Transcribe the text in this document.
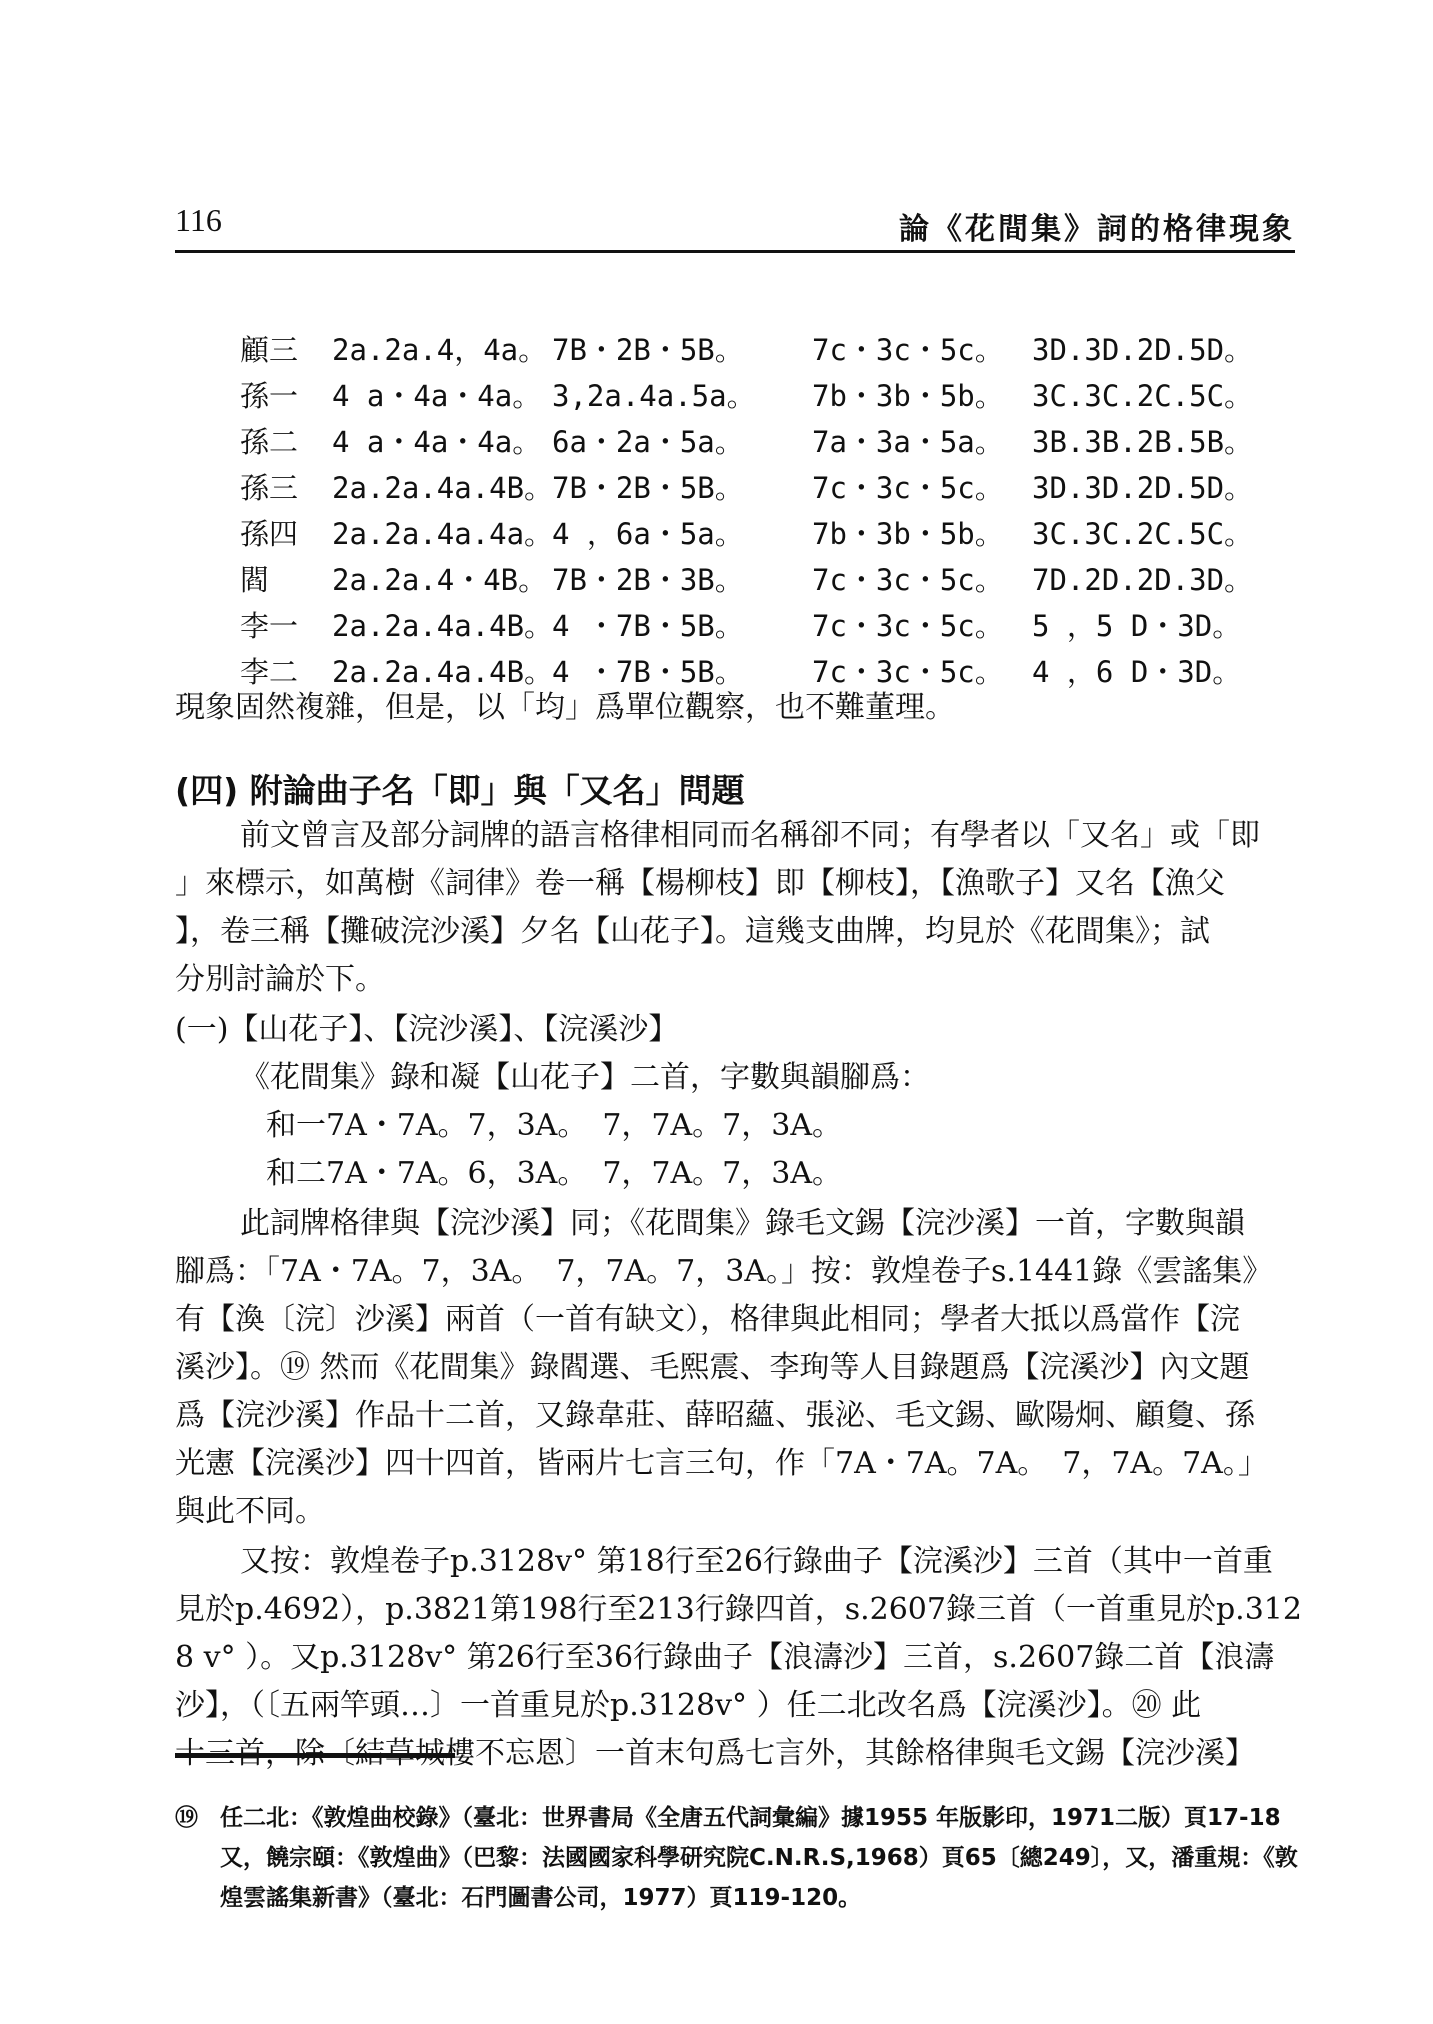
116	論《花間集》詞的格律現象
顧三 2a.2a.4，4a。 7B・2B・5B。 7c・3c・5c。 3D.3D.2D.5D。
孫一 4 a・4a・4a。 3,2a.4a.5a。 7b・3b・5b。 3C.3C.2C.5C。
孫二 4 a・4a・4a。 6a・2a・5a。 7a・3a・5a。 3B.3B.2B.5B。
孫三 2a.2a.4a.4B。
7B・2B・5B。 7c・3c・5c。 3D.3D.2D.5D。
孫四 2a.2a.4a.4a。
4 ，6a・5a。 7b・3b・5b。 3C.3C.2C.5C。
閻 2a.2a.4・4B。 7B・2B・3B。 7c・3c・5c。 7D.2D.2D.3D。
李一 2a.2a.4a.4B。
4 ・7B・5B。 7c・3c・5c。 5 ，5 D・3D。
李二 2a.2a.4a.4B。
4 ・7B・5B。 7c・3c・5c。 4 ，6 D・3D。
現象固然複雜，但是，以「均」爲單位觀察，也不難董理。
(四) 附論曲子名「即」與「又名」問題
前文曾言及部分詞牌的語言格律相同而名稱卻不同；有學者以「又名」或「即
」來標示，如萬樹《詞律》卷一稱【楊柳枝】即【柳枝】，【漁歌子】又名【漁父
】，卷三稱【攤破浣沙溪】夕名【山花子】。這幾支曲牌，均見於《花間集》；試
分別討論於下。
(一)【山花子】、【浣沙溪】、【浣溪沙】
《花間集》錄和凝【山花子】二首，字數與韻腳爲：
和一7A・7A。7，3A。　7，7A。7，3A。
和二7A・7A。6，3A。　7，7A。7，3A。
此詞牌格律與【浣沙溪】同；《花間集》錄毛文錫【浣沙溪】一首，字數與韻
腳爲：「7A・7A。7，3A。　7，7A。7，3A。」按：敦煌卷子s.1441錄《雲謠集》
有【渙〔浣〕沙溪】兩首（一首有缺文），格律與此相同；學者大抵以爲當作【浣
溪沙】。⑲ 然而《花間集》錄閻選、毛熙震、李珣等人目錄題爲【浣溪沙】內文題
爲【浣沙溪】作品十二首，又錄韋莊、薛昭蘊、張泌、毛文錫、歐陽炯、顧敻、孫
光憲【浣溪沙】四十四首，皆兩片七言三句，作「7A・7A。7A。　7，7A。7A。」
與此不同。
又按：敦煌卷子p.3128v° 第18行至26行錄曲子【浣溪沙】三首（其中一首重
見於p.4692），p.3821第198行至213行錄四首，s.2607錄三首（一首重見於p.312
8 v° ）。又p.3128v° 第26行至36行錄曲子【浪濤沙】三首，s.2607錄二首【浪濤
沙】，（〔五兩竿頭…〕一首重見於p.3128v° ）任二北改名爲【浣溪沙】。⑳ 此
十三首，除〔結草城樓不忘恩〕一首末句爲七言外，其餘格律與毛文錫【浣沙溪】
⑲ 任二北：《敦煌曲校錄》（臺北：世界書局《全唐五代詞彙編》據1955 年版影印，1971二版）頁17-18
又，饒宗頤：《敦煌曲》（巴黎：法國國家科學研究院C.N.R.S,1968）頁65〔總249〕，又，潘重規：《敦
煌雲謠集新書》（臺北：石門圖書公司，1977）頁119-120。
